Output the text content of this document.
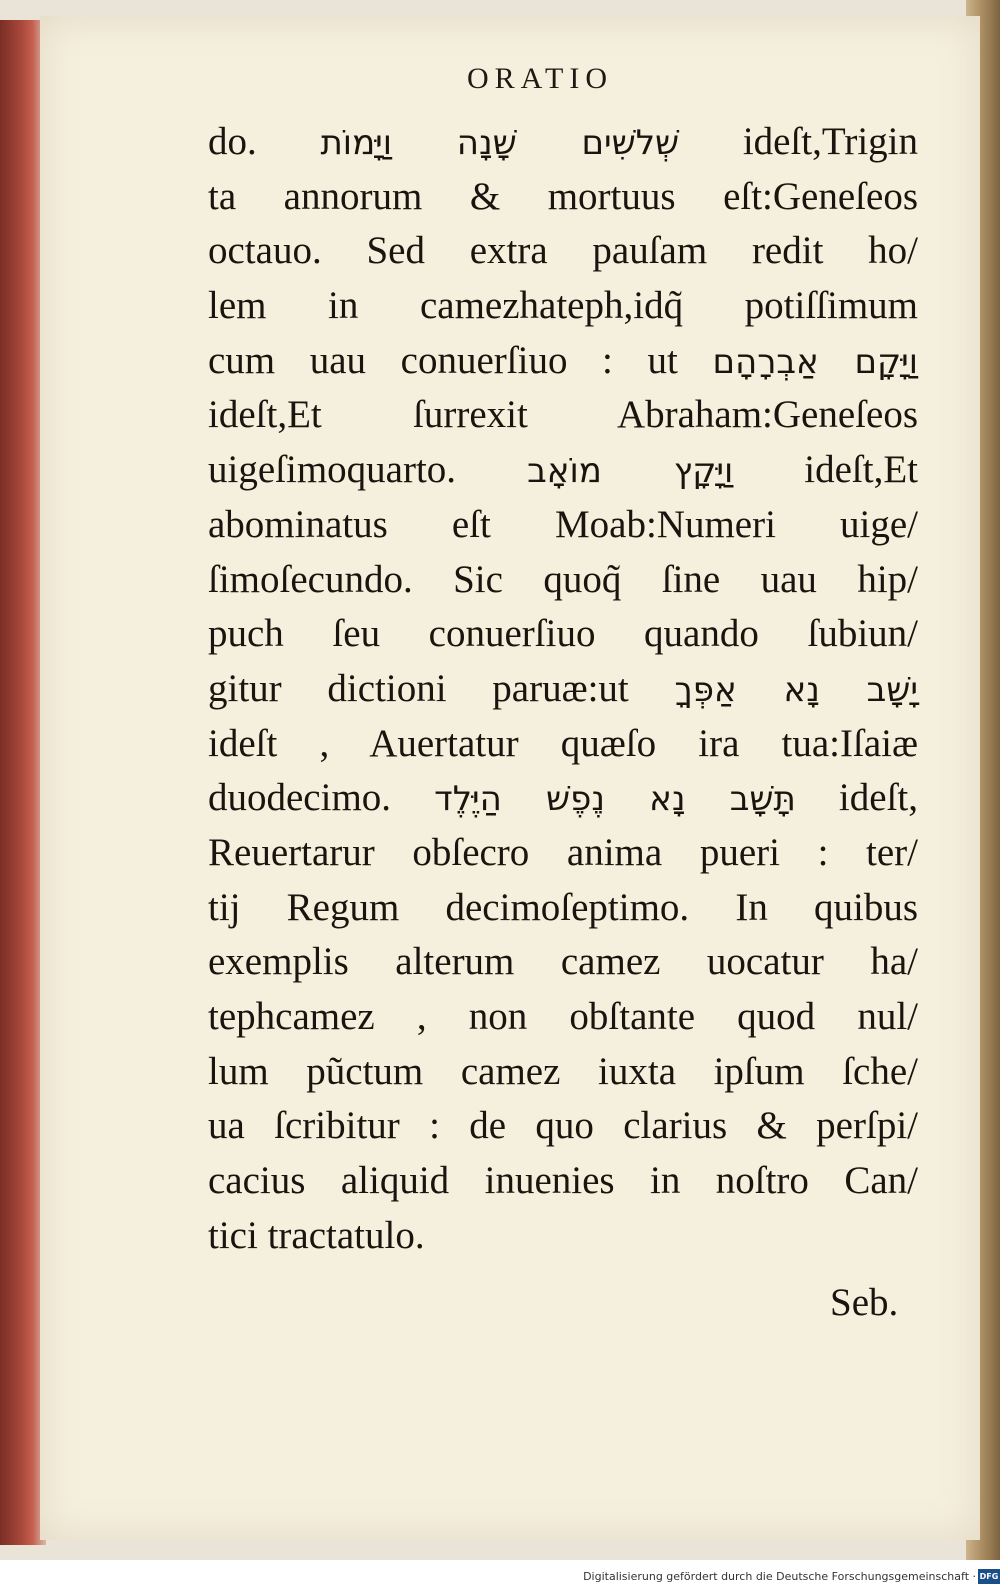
ORATIO
do. שְׁלשִׁים שָׁנָה וַיָּמוֹת ideſt,Trigin
ta annorum & mortuus eſt:Geneſeos
octauo. Sed extra pauſam redit ho/
lem in camezhateph,idq̃ potiſſimum
cum uau conuerſiuo : ut וַיָּקָם אַבְרָהָם
ideſt,Et ſurrexit Abraham:Geneſeos
uigeſimoquarto. וַיָּקָץ מוֹאָב ideſt,Et
abominatus eſt Moab:Numeri uige/
ſimoſecundo. Sic quoq̃ ſine uau hip/
puch ſeu conuerſiuo quando ſubiun/
gitur dictioni paruæ:ut יָשָׁב נָא אַפְּךָ
ideſt , Auertatur quæſo ira tua:Iſaiæ
duodecimo. תָּשָׁב נָא נֶפֶשׁ הַיֶּלֶד ideſt,
Reuertarur obſecro anima pueri : ter/
tij Regum decimoſeptimo. In quibus
exemplis alterum camez uocatur ha/
tephcamez , non obſtante quod nul/
lum pũctum camez iuxta ipſum ſche/
ua ſcribitur : de quo clarius & perſpi/
cacius aliquid inuenies in noſtro Can/
tici tractatulo.
Seb.
Digitalisierung gefördert durch die Deutsche Forschungsgemeinschaft · DFG
